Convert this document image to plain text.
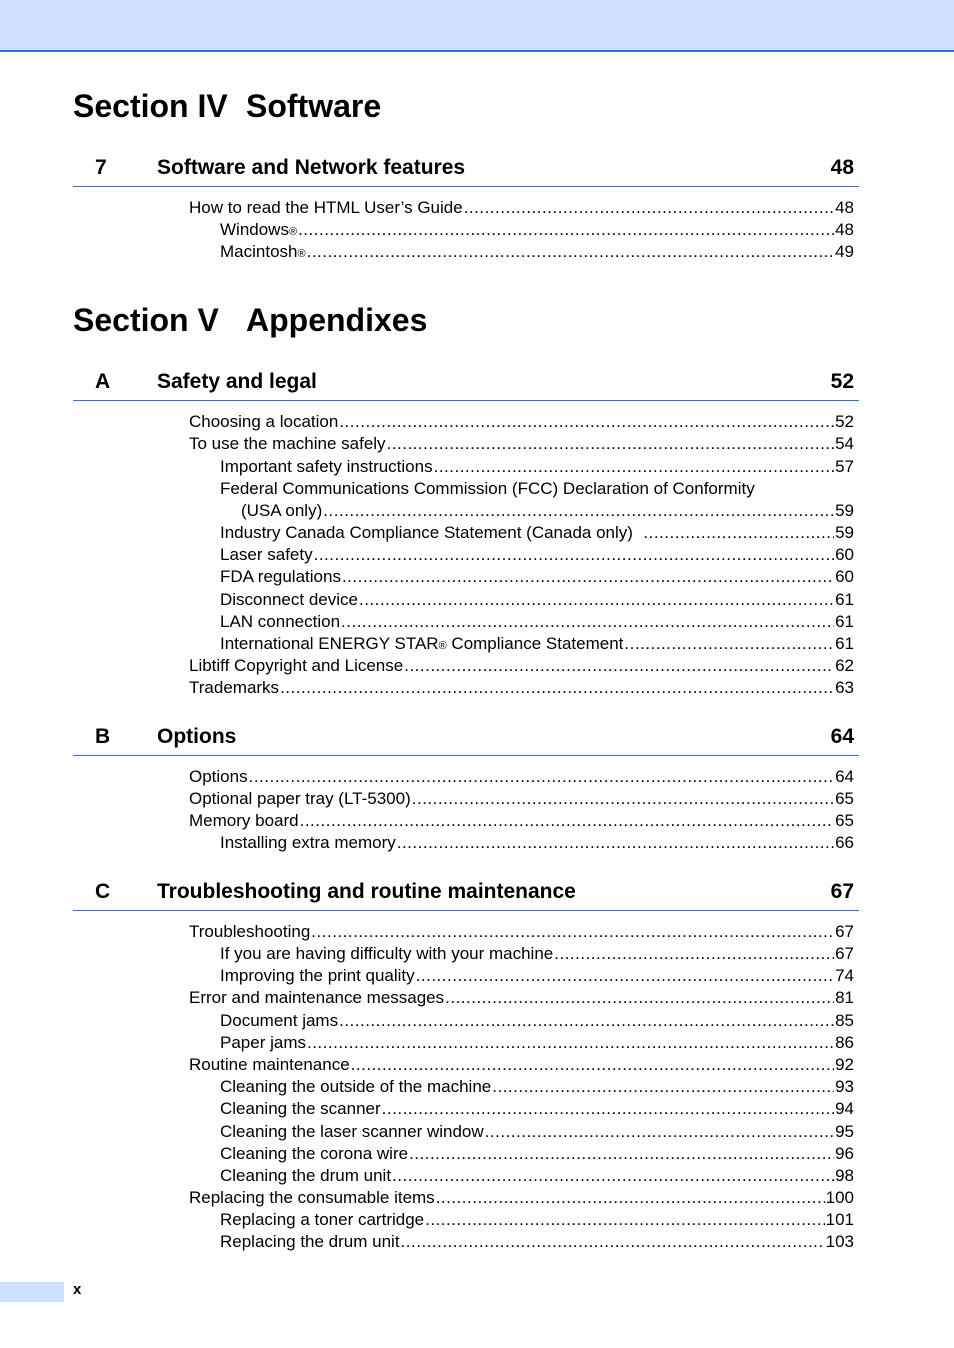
Section IV Software
7 Software and Network features	48
How to read the HTML User’s Guide .....	48
Windows ® .....	48
Macintosh ® .....	49
Section V Appendixes
A Safety and legal	52
Choosing a location .....	52
To use the machine safely .....	54
Important safety instructions .....	57
Federal Communications Commission (FCC) Declaration of Conformity
(USA only) .....	59
Industry Canada Compliance Statement (Canada only) .....	59
Laser safety .....	60
FDA regulations .....	60
Disconnect device .....	61
LAN connection .....	61
International ENERGY STAR ® Compliance Statement .....	61
Libtiff Copyright and License .....	62
Trademarks .....	63
B Options	64
Options .....	64
Optional paper tray (LT-5300) .....	65
Memory board .....	65
Installing extra memory .....	66
C Troubleshooting and routine maintenance	67
Troubleshooting .....	67
If you are having difficulty with your machine .....	67
Improving the print quality .....	74
Error and maintenance messages .....	81
Document jams .....	85
Paper jams .....	86
Routine maintenance .....	92
Cleaning the outside of the machine .....	93
Cleaning the scanner .....	94
Cleaning the laser scanner window .....	95
Cleaning the corona wire .....	96
Cleaning the drum unit .....	98
Replacing the consumable items .....	100
Replacing a toner cartridge .....	101
Replacing the drum unit .....	103
x
